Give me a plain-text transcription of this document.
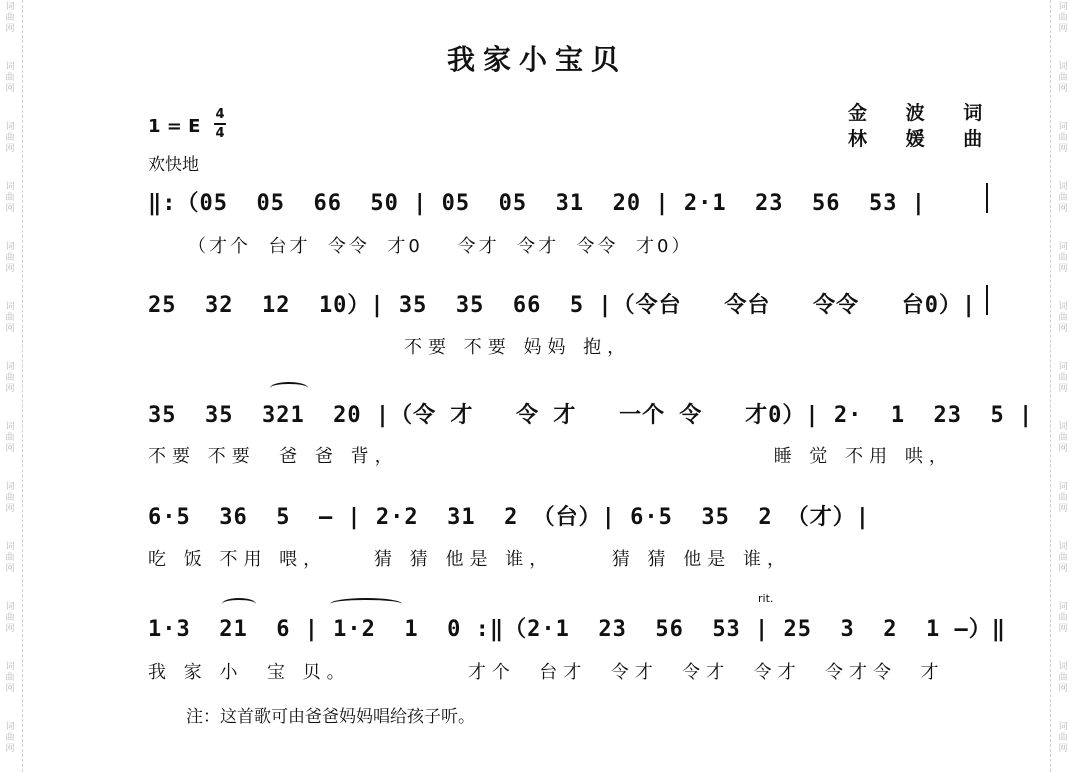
词
曲
网
词
曲
网
词
曲
网
词
曲
网
词
曲
网
词
曲
网
词
曲
网
词
曲
网
词
曲
网
词
曲
网
词
曲
网
词
曲
网
词
曲
网
词
曲
网
词
曲
网
词
曲
网
词
曲
网
词
曲
网
词
曲
网
词
曲
网
词
曲
网
词
曲
网
词
曲
网
词
曲
网
词
曲
网
词
曲
网
我家小宝贝
金 波 词
林 媛 曲
1 = E
4
4
欢快地
‖:（05  05  66  50 | 05  05  31  20 | 2·1  23  56  53 |
（才个  台才  令令  才0    令才  令才  令令  才0）
25  32  12  10）| 35  35  66  5 |（令台   令台   令令   台0）|
不要 不要 妈妈 抱，
35  35  321  20 |（令 才   令 才   一个 令   才0）| 2·  1  23  5 |
不要 不要  爸 爸 背，                                睡 觉 不用 哄，
6·5  36  5  – | 2·2  31  2 （台）| 6·5  35  2 （才）|
吃 饭 不用 喂，    猜 猜 他是 谁，     猜 猜 他是 谁，
rit.
1·3  21  6 | 1·2  1  0 :‖（2·1  23  56  53 | 25  3  2  1 –）‖
我 家 小  宝 贝。          才个  台才  令才  令才  令才  令才令  才
注：这首歌可由爸爸妈妈唱给孩子听。
